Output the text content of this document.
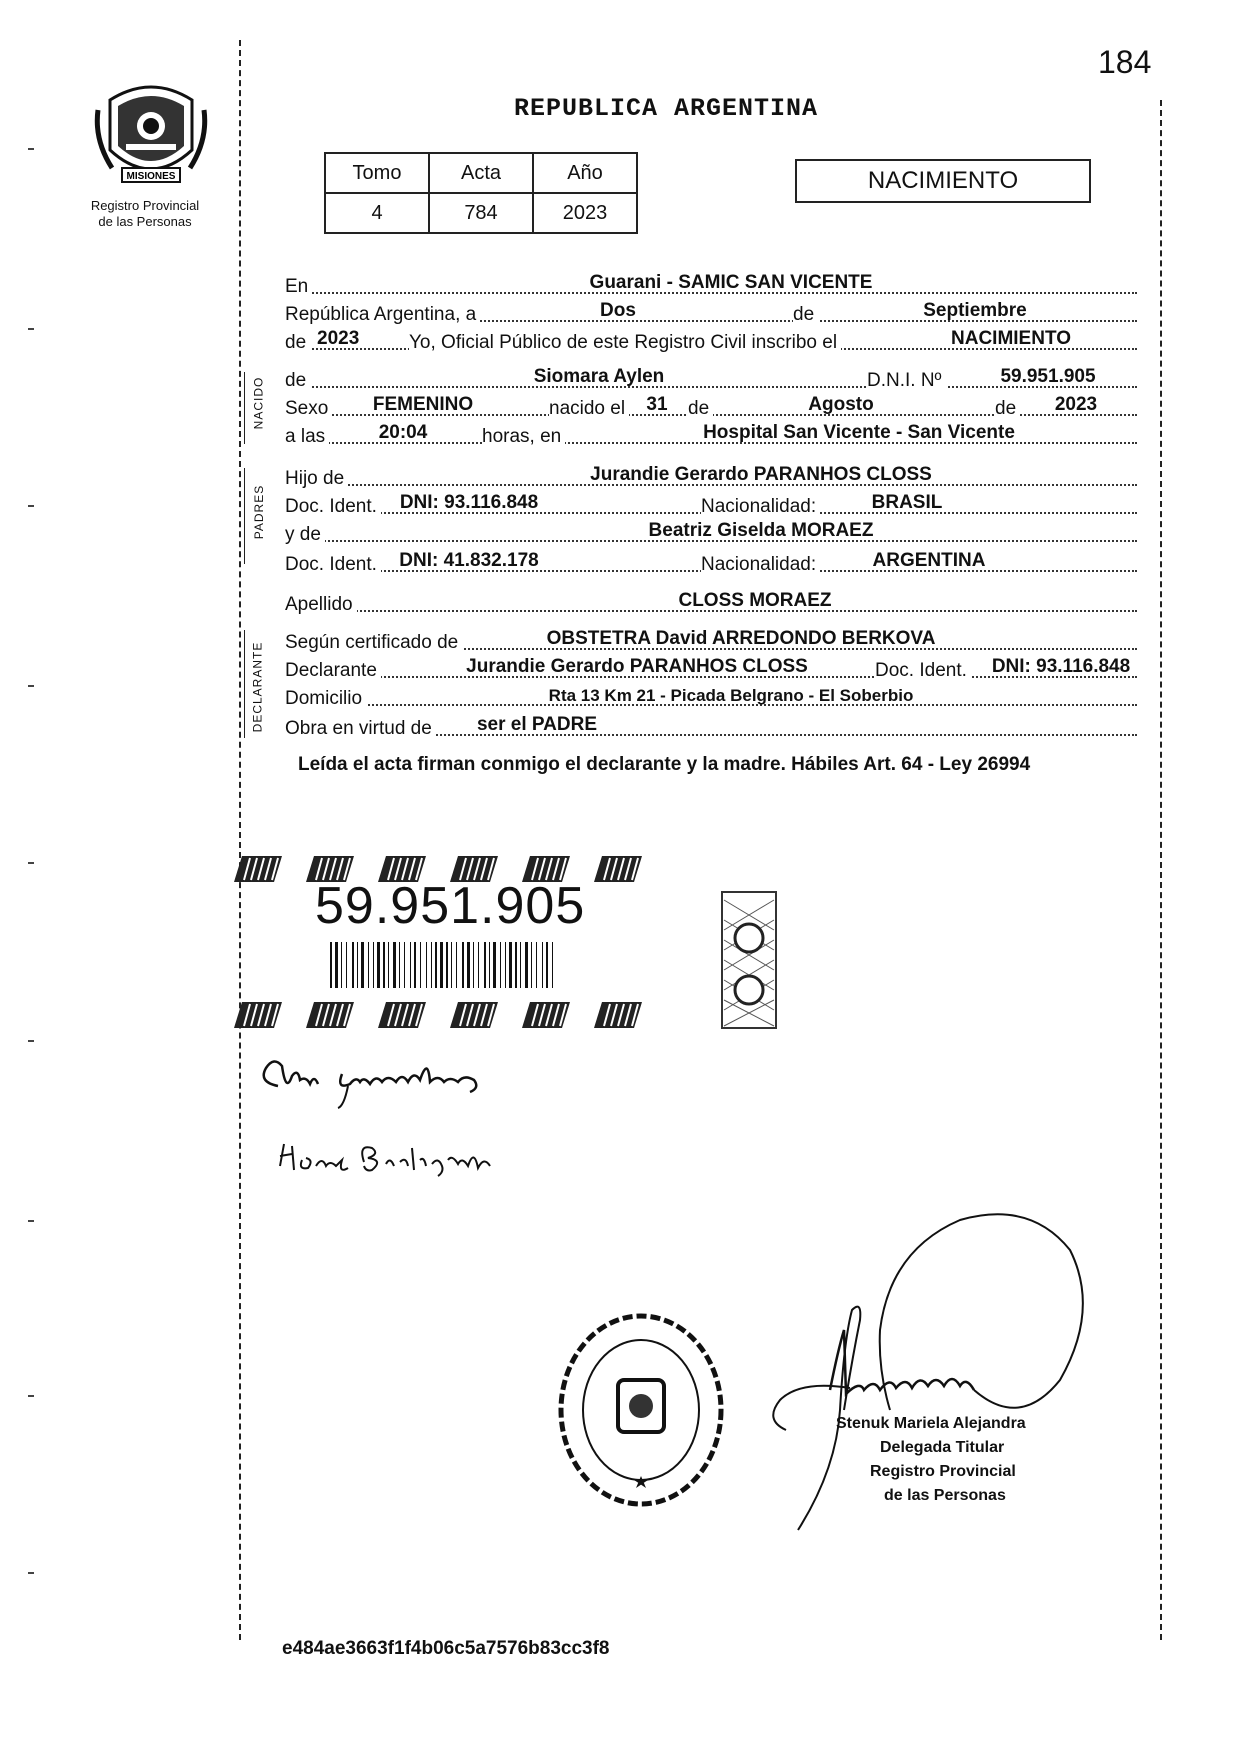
184
REPUBLICA ARGENTINA
MISIONES
Registro Provincial
de las Personas
Tomo	Acta	Año
4	784	2023
NACIMIENTO
NACIDO
PADRES
DECLARANTE
En	Guarani - SAMIC SAN VICENTE
República Argentina, a	Dos	de	Septiembre
de 2023	Yo, Oficial Público de este Registro Civil inscribo el	NACIMIENTO
de	Siomara Aylen	D.N.I. Nº	59.951.905
Sexo FEMENINO	nacido el 31 de	Agosto	de 2023
a las	20:04	horas, en	Hospital San Vicente - San Vicente
Hijo de	Jurandie Gerardo PARANHOS CLOSS
Doc. Ident. DNI: 93.116.848	Nacionalidad:	BRASIL
y de	Beatriz Giselda MORAEZ
Doc. Ident. DNI: 41.832.178	Nacionalidad:	ARGENTINA
Apellido	CLOSS MORAEZ
Según certificado de	OBSTETRA David ARREDONDO BERKOVA
Declarante	Jurandie Gerardo PARANHOS CLOSS	Doc. Ident. DNI: 93.116.848
Domicilio	Rta 13 Km 21 - Picada Belgrano - El Soberbio
Obra en virtud de ser el PADRE
Leída el acta firman conmigo el declarante y la madre. Hábiles Art. 64 - Ley 26994
59.951.905
Stenuk Mariela Alejandra
Delegada Titular
Registro Provincial
de las Personas
e484ae3663f1f4b06c5a7576b83cc3f8
